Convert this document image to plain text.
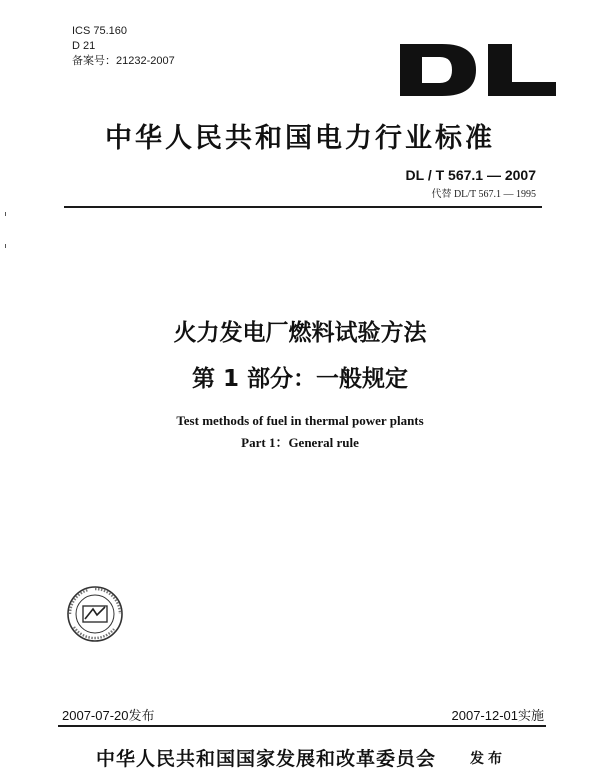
ICS 75.160
D 21
备案号：21232-2007
中华人民共和国电力行业标准
DL / T 567.1 — 2007
代替 DL/T 567.1 — 1995
火力发电厂燃料试验方法
第 1 部分：一般规定
Test methods of fuel in thermal power plants
Part 1：General rule
2007-07-20发布	2007-12-01实施
中华人民共和国国家发展和改革委员会 发布
